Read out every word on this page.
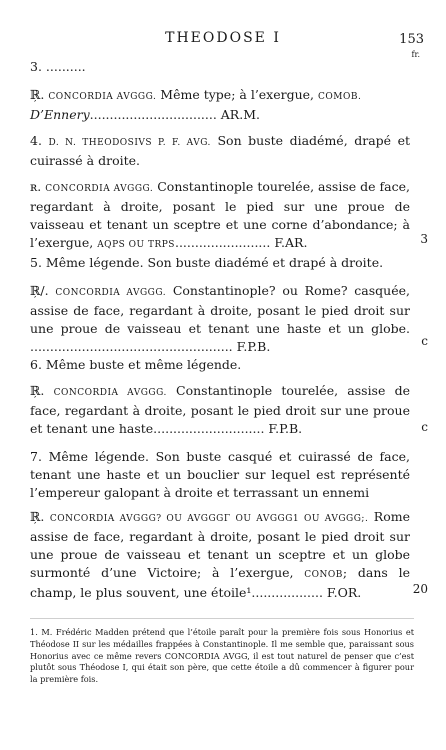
THEODOSE I	153
fr.
3. ..........
ℝ̦. CONCORDIA AVGGG. Même type; à l’exergue, COMOB.
D’Ennery................................ AR.M.
4. D. N. THEODOSIVS P. F. AVG. Son buste diadémé, drapé et cuirassé à droite.
ʀ. CONCORDIA AVGGG. Constantinople tourelée, assise de face, regardant à droite, posant le pied sur une proue de vaisseau et tenant un sceptre et une corne d’abondance; à l’exergue, AQPS OU TRPS........................ F.AR.	3
5. Même légende. Son buste diadémé et drapé à droite.
ℝ̦/. CONCORDIA AVGGG. Constantinople? ou Rome? casquée, assise de face, regardant à droite, posant le pied droit sur une proue de vaisseau et tenant une haste et un globe. ................................................... F.P.B.	c
6. Même buste et même légende.
ℝ̦. CONCORDIA AVGGG. Constantinople tourelée, assise de face, regardant à droite, posant le pied droit sur une proue et tenant une haste............................ F.P.B.	c
7. Même légende. Son buste casqué et cuirassé de face, tenant une haste et un bouclier sur lequel est représenté l’empereur galopant à droite et terrassant un ennemi
ℝ̦. CONCORDIA AVGGG? OU AVGGGΓ OU AVGGG1 OU AVGGG;. Rome assise de face, regardant à droite, posant le pied droit sur une proue de vaisseau et tenant un sceptre et un globe surmonté d’une Victoire; à l’exergue, CONOB; dans le champ, le plus souvent, une étoile¹.................. F.OR.	20
1. M. Frédéric Madden prétend que l’étoile paraît pour la première fois sous Honorius et Théodose II sur les médailles frappées à Constantinople. Il me semble que, paraissant sous Honorius avec ce même revers CONCORDIA AVGG, il est tout naturel de penser que c’est plutôt sous Théodose I, qui était son père, que cette étoile a dû commencer à figurer pour la première fois.
